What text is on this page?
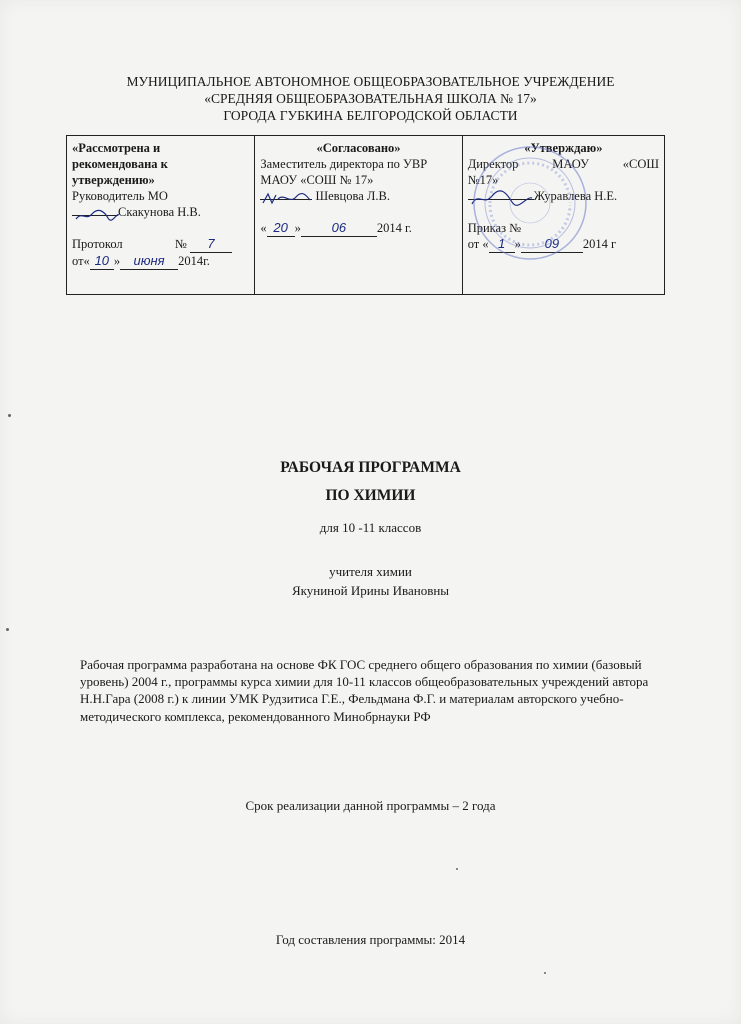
МУНИЦИПАЛЬНОЕ АВТОНОМНОЕ ОБЩЕОБРАЗОВАТЕЛЬНОЕ УЧРЕЖДЕНИЕ
«СРЕДНЯЯ ОБЩЕОБРАЗОВАТЕЛЬНАЯ ШКОЛА № 17»
ГОРОДА ГУБКИНА БЕЛГОРОДСКОЙ ОБЛАСТИ
«Рассмотрена и
рекомендована к
утверждению»
Руководитель МО
Скакунова Н.В.
Протокол	№ 7
от« 10 » июня 2014г.
«Согласовано»
Заместитель директора по УВР
МАОУ «СОШ № 17»
Шевцова Л.В.
« 20 » 06 2014 г.
«Утверждаю»
Директор	МАОУ	«СОШ
№17»
Журавлева Н.Е.
Приказ №
от « 1 » 09 2014 г
РАБОЧАЯ ПРОГРАММА
ПО ХИМИИ
для 10 -11 классов
учителя химии
Якуниной Ирины Ивановны
Рабочая программа разработана на основе ФК ГОС среднего общего образования по химии (базовый уровень) 2004 г., программы курса химии для 10-11 классов общеобразовательных учреждений автора Н.Н.Гара (2008 г.) к линии УМК Рудзитиса Г.Е., Фельдмана Ф.Г. и материалам авторского учебно-методического комплекса, рекомендованного Минобрнауки РФ
Срок реализации данной программы – 2 года
Год составления программы: 2014
